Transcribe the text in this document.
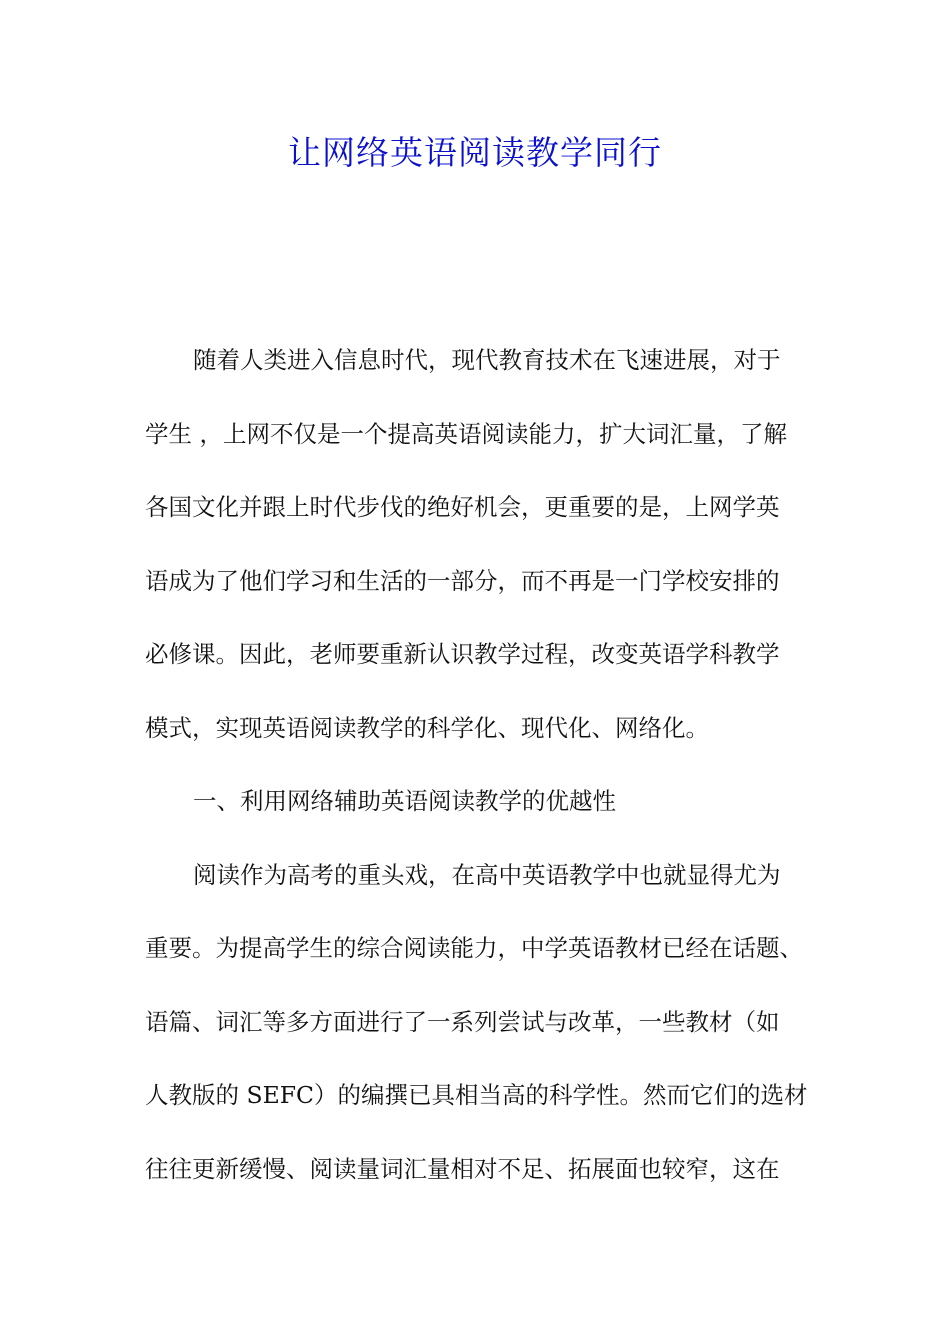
让网络英语阅读教学同行
随着人类进入信息时代，现代教育技术在飞速进展，对于
学生 ，上网不仅是一个提高英语阅读能力，扩大词汇量，了解
各国文化并跟上时代步伐的绝好机会，更重要的是，上网学英
语成为了他们学习和生活的一部分，而不再是一门学校安排的
必修课。因此，老师要重新认识教学过程，改变英语学科教学
模式，实现英语阅读教学的科学化、现代化、网络化。
一、利用网络辅助英语阅读教学的优越性
阅读作为高考的重头戏，在高中英语教学中也就显得尤为
重要。为提高学生的综合阅读能力，中学英语教材已经在话题、
语篇、词汇等多方面进行了一系列尝试与改革，一些教材（如
人教版的 SEFC）的编撰已具相当高的科学性。然而它们的选材
往往更新缓慢、阅读量词汇量相对不足、拓展面也较窄，这在
